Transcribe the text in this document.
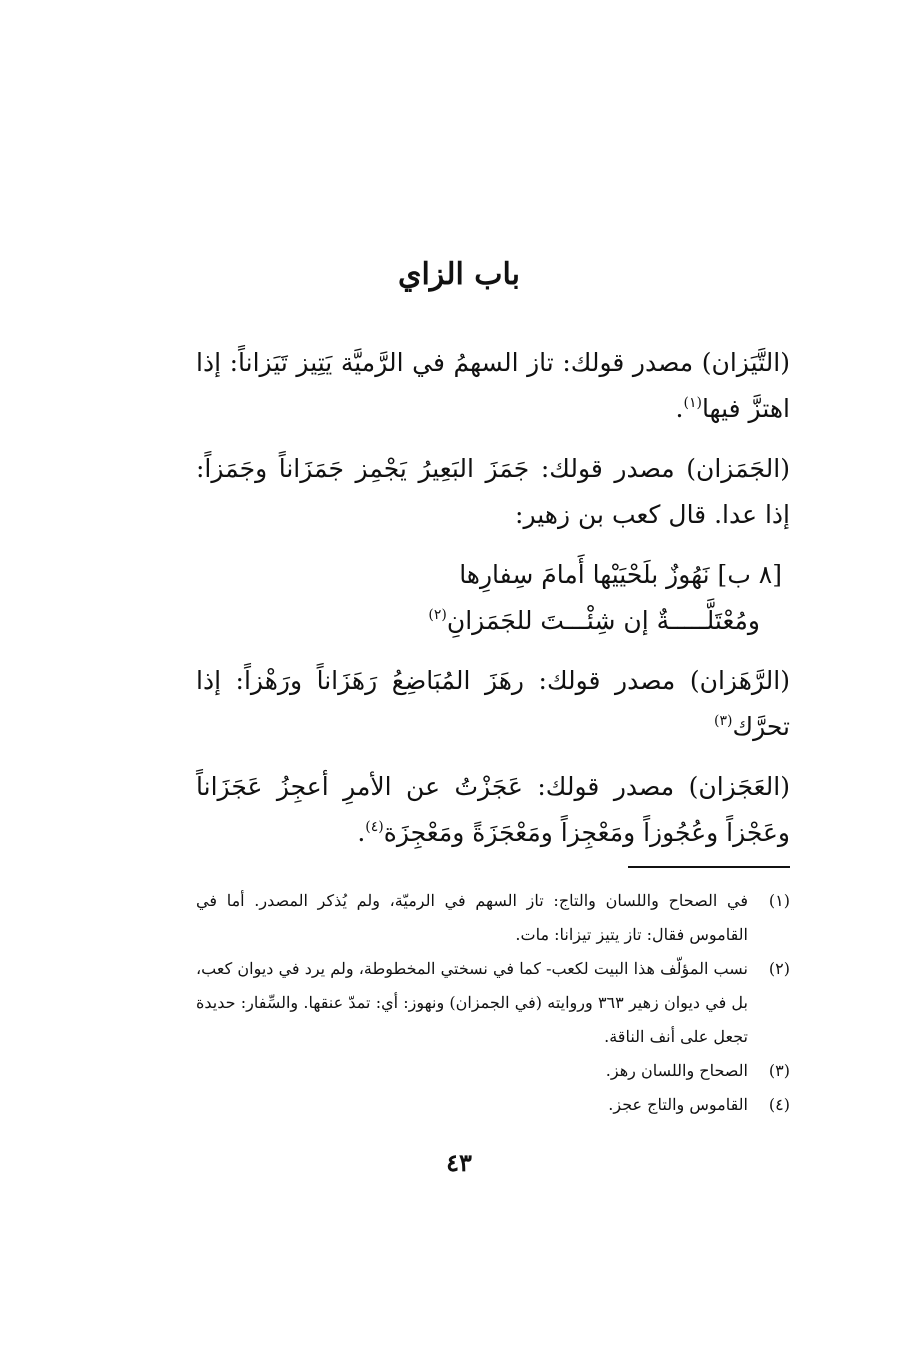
باب الزاي

(التَّيَزان) مصدر قولك: تاز السهمُ في الرَّميَّة يَتِيز تَيَزاناً: إذا اهتزَّ فيها$^{(١)}$.

(الجَمَزان) مصدر قولك: جَمَزَ البَعِيرُ يَجْمِز جَمَزَاناً وجَمَزاً: إذا عدا. قال كعب بن زهير:

[٨ ب] نَهُوزٌ بلَحْيَيْها أَمامَ سِفارِها
ومُعْتَلَّـــــةٌ إن شِئْـــتَ للجَمَزانِ$^{(٢)}$

(الرَّهَزان) مصدر قولك: رهَزَ المُبَاضِعُ رَهَزَاناً ورَهْزاً: إذا تحرَّك$^{(٣)}$

(العَجَزان) مصدر قولك: عَجَزْتُ عن الأمرِ أعجِزُ عَجَزَاناً وعَجْزاً وعُجُوزاً ومَعْجِزاً ومَعْجَزَةً ومَعْجِزَة$^{(٤)}$.

(١)
في الصحاح واللسان والتاج: تاز السهم في الرميّة، ولم يُذكر المصدر. أما في القاموس فقال: تاز يتيز تيزانا: مات.
(٢)
نسب المؤلّف هذا البيت لكعب- كما في نسختي المخطوطة، ولم يرد في ديوان كعب، بل في ديوان زهير ٣٦٣ وروايته (في الجمزان) ونهوز: أي: تمدّ عنقها. والسِّفار: حديدة تجعل على أنف الناقة.
(٣)
الصحاح واللسان رهز.
(٤)
القاموس والتاج عجز.
٤٣
